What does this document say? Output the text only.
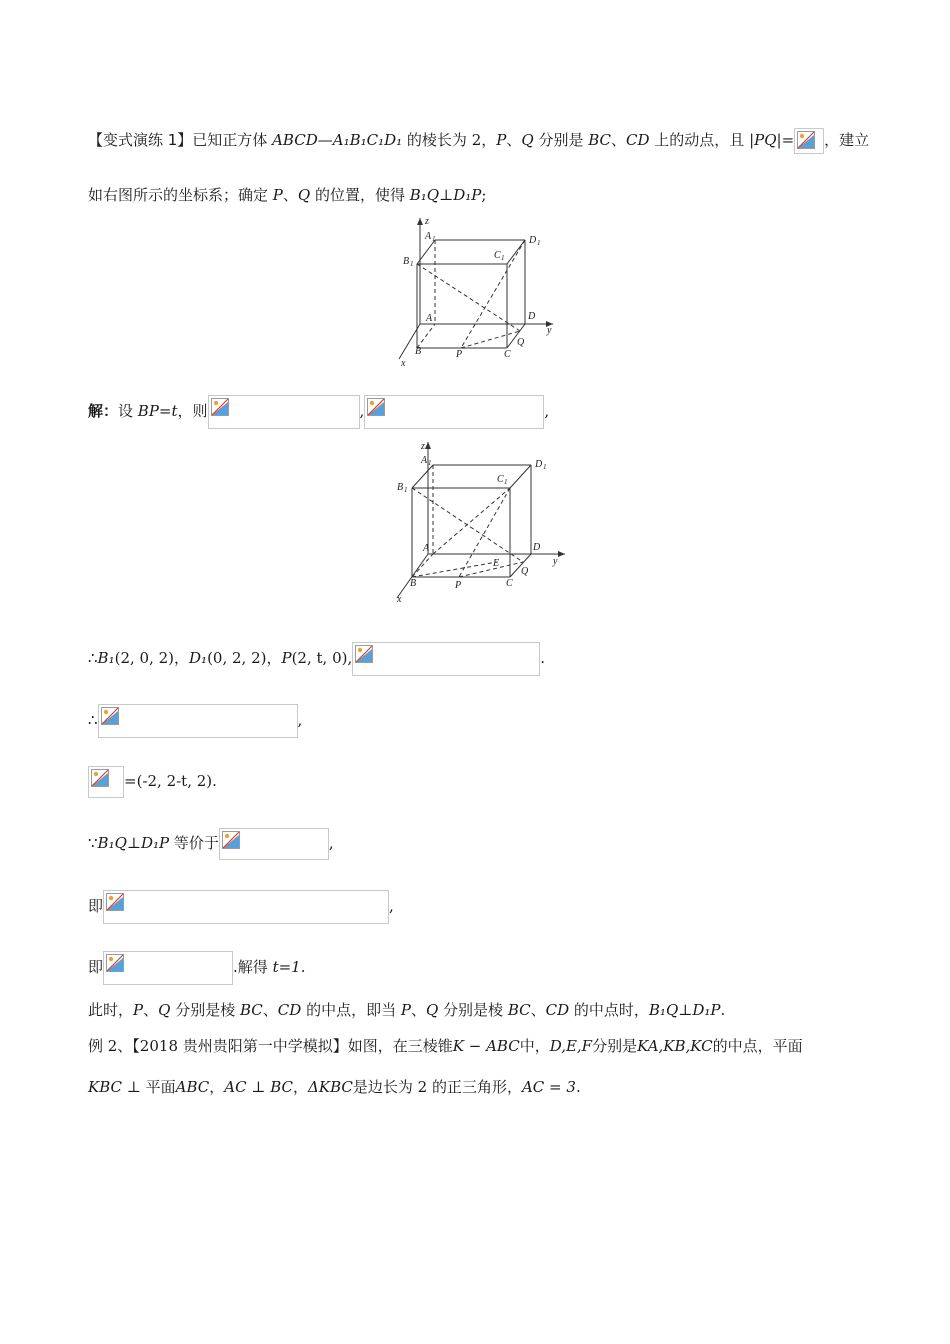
【变式演练 1】已知正方体 ABCD—A₁B₁C₁D₁ 的棱长为 2，P、Q 分别是 BC、CD 上的动点，且 |PQ|= ，建立
如右图所示的坐标系；确定 P、Q 的位置，使得 B₁Q⊥D₁P;
z
A 1
B 1
C 1
D 1
A	D
y
B	P	C
Q
x
解：设 BP=t，则	,	,
z
A 1
B 1
C 1
D 1
A	D
E	y
B	P	C
Q
x
∴B₁(2, 0, 2)，D₁(0, 2, 2)，P(2, t, 0),	.
∴	,
=(-2, 2-t, 2).
∵B₁Q⊥D₁P 等价于	,
即	,
即	.解得 t=1.
此时，P、Q 分别是棱 BC、CD 的中点，即当 P、Q 分别是棱 BC、CD 的中点时，B₁Q⊥D₁P.
例 2、【2018 贵州贵阳第一中学模拟】如图，在三棱锥K − ABC中，D,E,F分别是KA,KB,KC的中点，平面
KBC ⊥ 平面ABC，AC ⊥ BC，ΔKBC是边长为 2 的正三角形，AC = 3.
